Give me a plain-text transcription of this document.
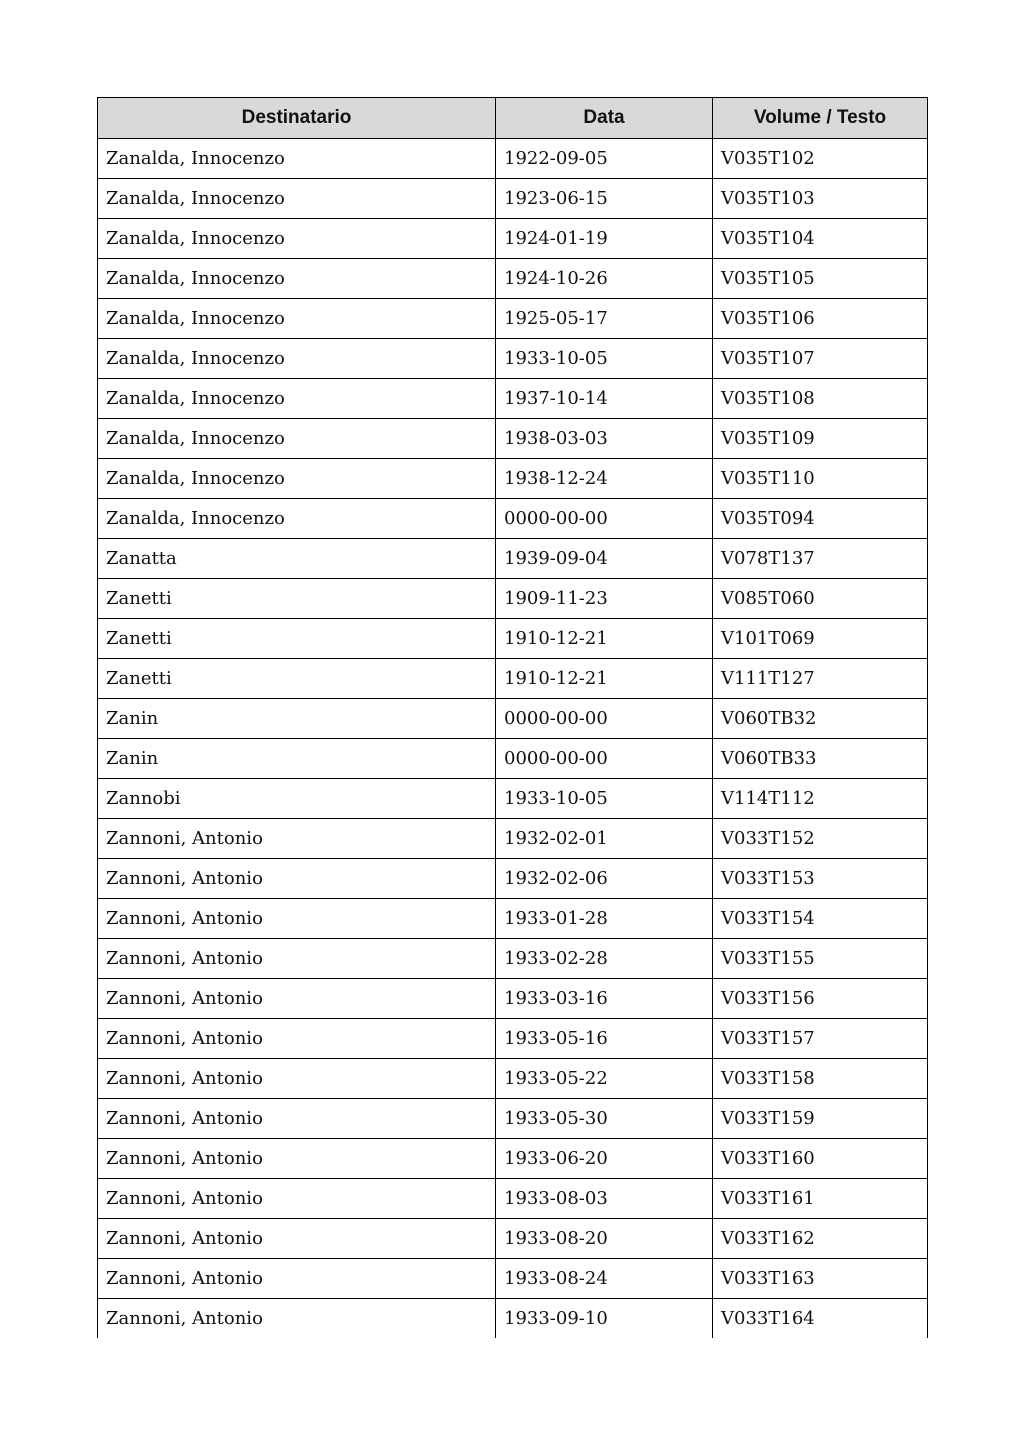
Destinatario	Data	Volume / Testo
Zanalda, Innocenzo	1922-09-05	V035T102
Zanalda, Innocenzo	1923-06-15	V035T103
Zanalda, Innocenzo	1924-01-19	V035T104
Zanalda, Innocenzo	1924-10-26	V035T105
Zanalda, Innocenzo	1925-05-17	V035T106
Zanalda, Innocenzo	1933-10-05	V035T107
Zanalda, Innocenzo	1937-10-14	V035T108
Zanalda, Innocenzo	1938-03-03	V035T109
Zanalda, Innocenzo	1938-12-24	V035T110
Zanalda, Innocenzo	0000-00-00	V035T094
Zanatta	1939-09-04	V078T137
Zanetti	1909-11-23	V085T060
Zanetti	1910-12-21	V101T069
Zanetti	1910-12-21	V111T127
Zanin	0000-00-00	V060TB32
Zanin	0000-00-00	V060TB33
Zannobi	1933-10-05	V114T112
Zannoni, Antonio	1932-02-01	V033T152
Zannoni, Antonio	1932-02-06	V033T153
Zannoni, Antonio	1933-01-28	V033T154
Zannoni, Antonio	1933-02-28	V033T155
Zannoni, Antonio	1933-03-16	V033T156
Zannoni, Antonio	1933-05-16	V033T157
Zannoni, Antonio	1933-05-22	V033T158
Zannoni, Antonio	1933-05-30	V033T159
Zannoni, Antonio	1933-06-20	V033T160
Zannoni, Antonio	1933-08-03	V033T161
Zannoni, Antonio	1933-08-20	V033T162
Zannoni, Antonio	1933-08-24	V033T163
Zannoni, Antonio	1933-09-10	V033T164
